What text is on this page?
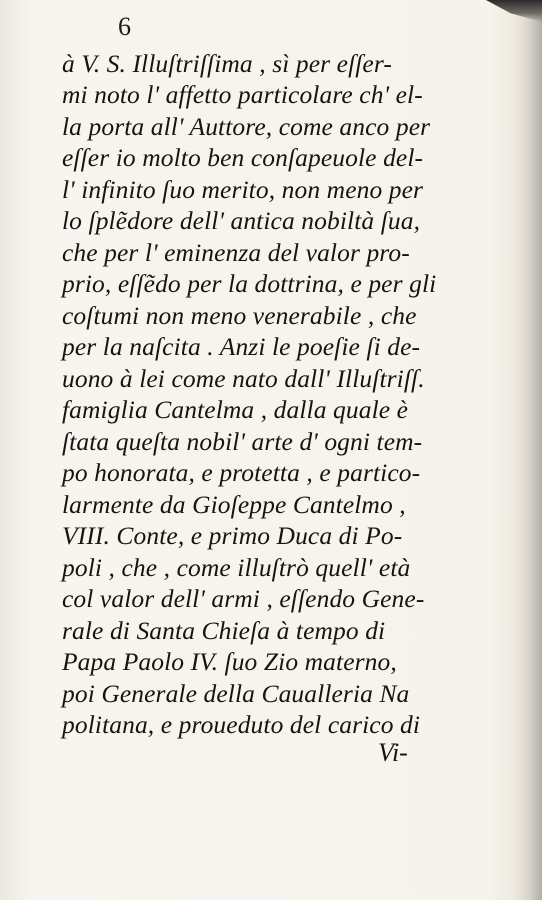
6
à V. S. Illuſtriſſima , sì per eſſer-
mi noto l' affetto particolare ch' el-
la porta all' Auttore, come anco per
eſſer io molto ben conſapeuole del-
l' infinito ſuo merito, non meno per
lo ſplẽdore dell' antica nobiltà ſua,
che per l' eminenza del valor pro-
prio, eſſẽdo per la dottrina, e per gli
coſtumi non meno venerabile , che
per la naſcita . Anzi le poeſie ſi de-
uono à lei come nato dall' Illuſtriſſ.
famiglia Cantelma , dalla quale è
ſtata queſta nobil' arte d' ogni tem-
po honorata, e protetta , e partico-
larmente da Gioſeppe Cantelmo ,
VIII. Conte, e primo Duca di Po-
poli , che , come illuſtrò quell' età
col valor dell' armi , eſſendo Gene-
rale di Santa Chieſa à tempo di
Papa Paolo IV. ſuo Zio materno,
poi Generale della Caualleria Na
politana, e proueduto del carico di
Vi-
